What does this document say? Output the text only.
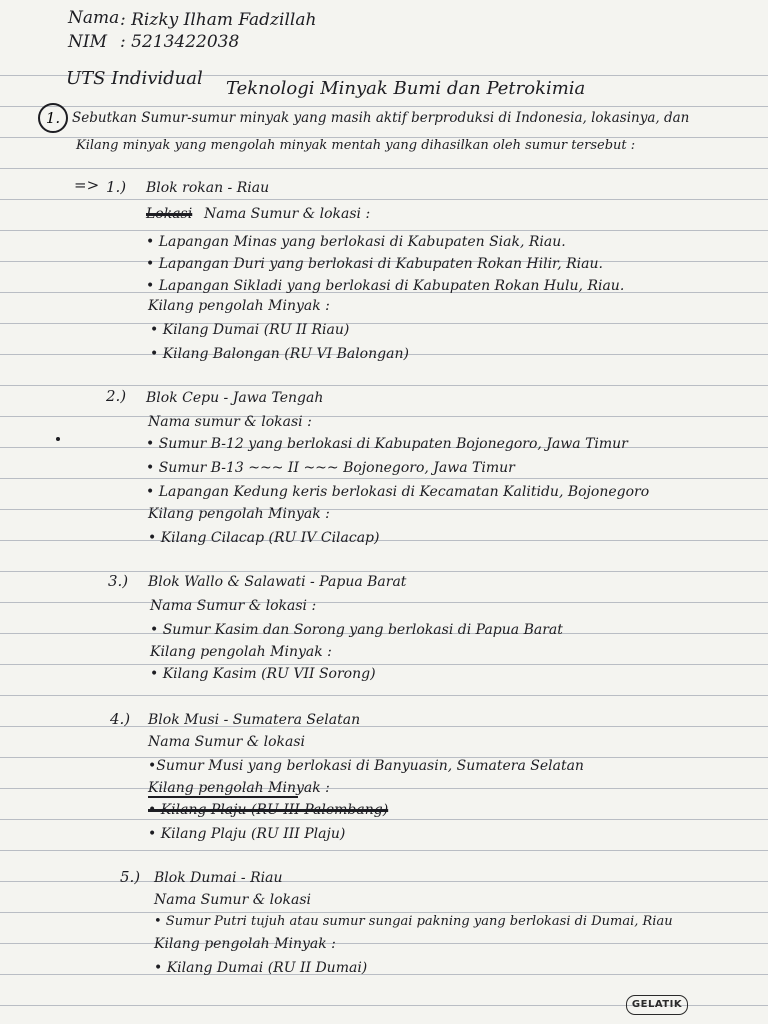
Nama : Rizky Ilham Fadzillah
NIM : 5213422038
UTS Individual Teknologi Minyak Bumi dan Petrokimia
1. Sebutkan Sumur-sumur minyak yang masih aktif berproduksi di Indonesia, lokasinya, dan
Kilang minyak yang mengolah minyak mentah yang dihasilkan oleh sumur tersebut :
=> 1.) Blok rokan - Riau
Lokasi Nama Sumur & lokasi :
• Lapangan Minas yang berlokasi di Kabupaten Siak, Riau.
• Lapangan Duri yang berlokasi di Kabupaten Rokan Hilir, Riau.
• Lapangan Sikladi yang berlokasi di Kabupaten Rokan Hulu, Riau.
Kilang pengolah Minyak :
• Kilang Dumai (RU II Riau)
• Kilang Balongan (RU VI Balongan)
2.) Blok Cepu - Jawa Tengah
Nama sumur & lokasi :
• Sumur B-12 yang berlokasi di Kabupaten Bojonegoro, Jawa Timur
• Sumur B-13 ~~~ II ~~~ Bojonegoro, Jawa Timur
• Lapangan Kedung keris berlokasi di Kecamatan Kalitidu, Bojonegoro
Kilang pengolah Minyak :
• Kilang Cilacap (RU IV Cilacap)
3.) Blok Wallo & Salawati - Papua Barat
Nama Sumur & lokasi :
• Sumur Kasim dan Sorong yang berlokasi di Papua Barat
Kilang pengolah Minyak :
• Kilang Kasim (RU VII Sorong)
4.) Blok Musi - Sumatera Selatan
Nama Sumur & lokasi
•Sumur Musi yang berlokasi di Banyuasin, Sumatera Selatan
Kilang pengolah Minyak :
• Kilang Plaju (RU III Palembang)
• Kilang Plaju (RU III Plaju)
5.) Blok Dumai - Riau
Nama Sumur & lokasi
• Sumur Putri tujuh atau sumur sungai pakning yang berlokasi di Dumai, Riau
Kilang pengolah Minyak :
• Kilang Dumai (RU II Dumai)
GELATIK
